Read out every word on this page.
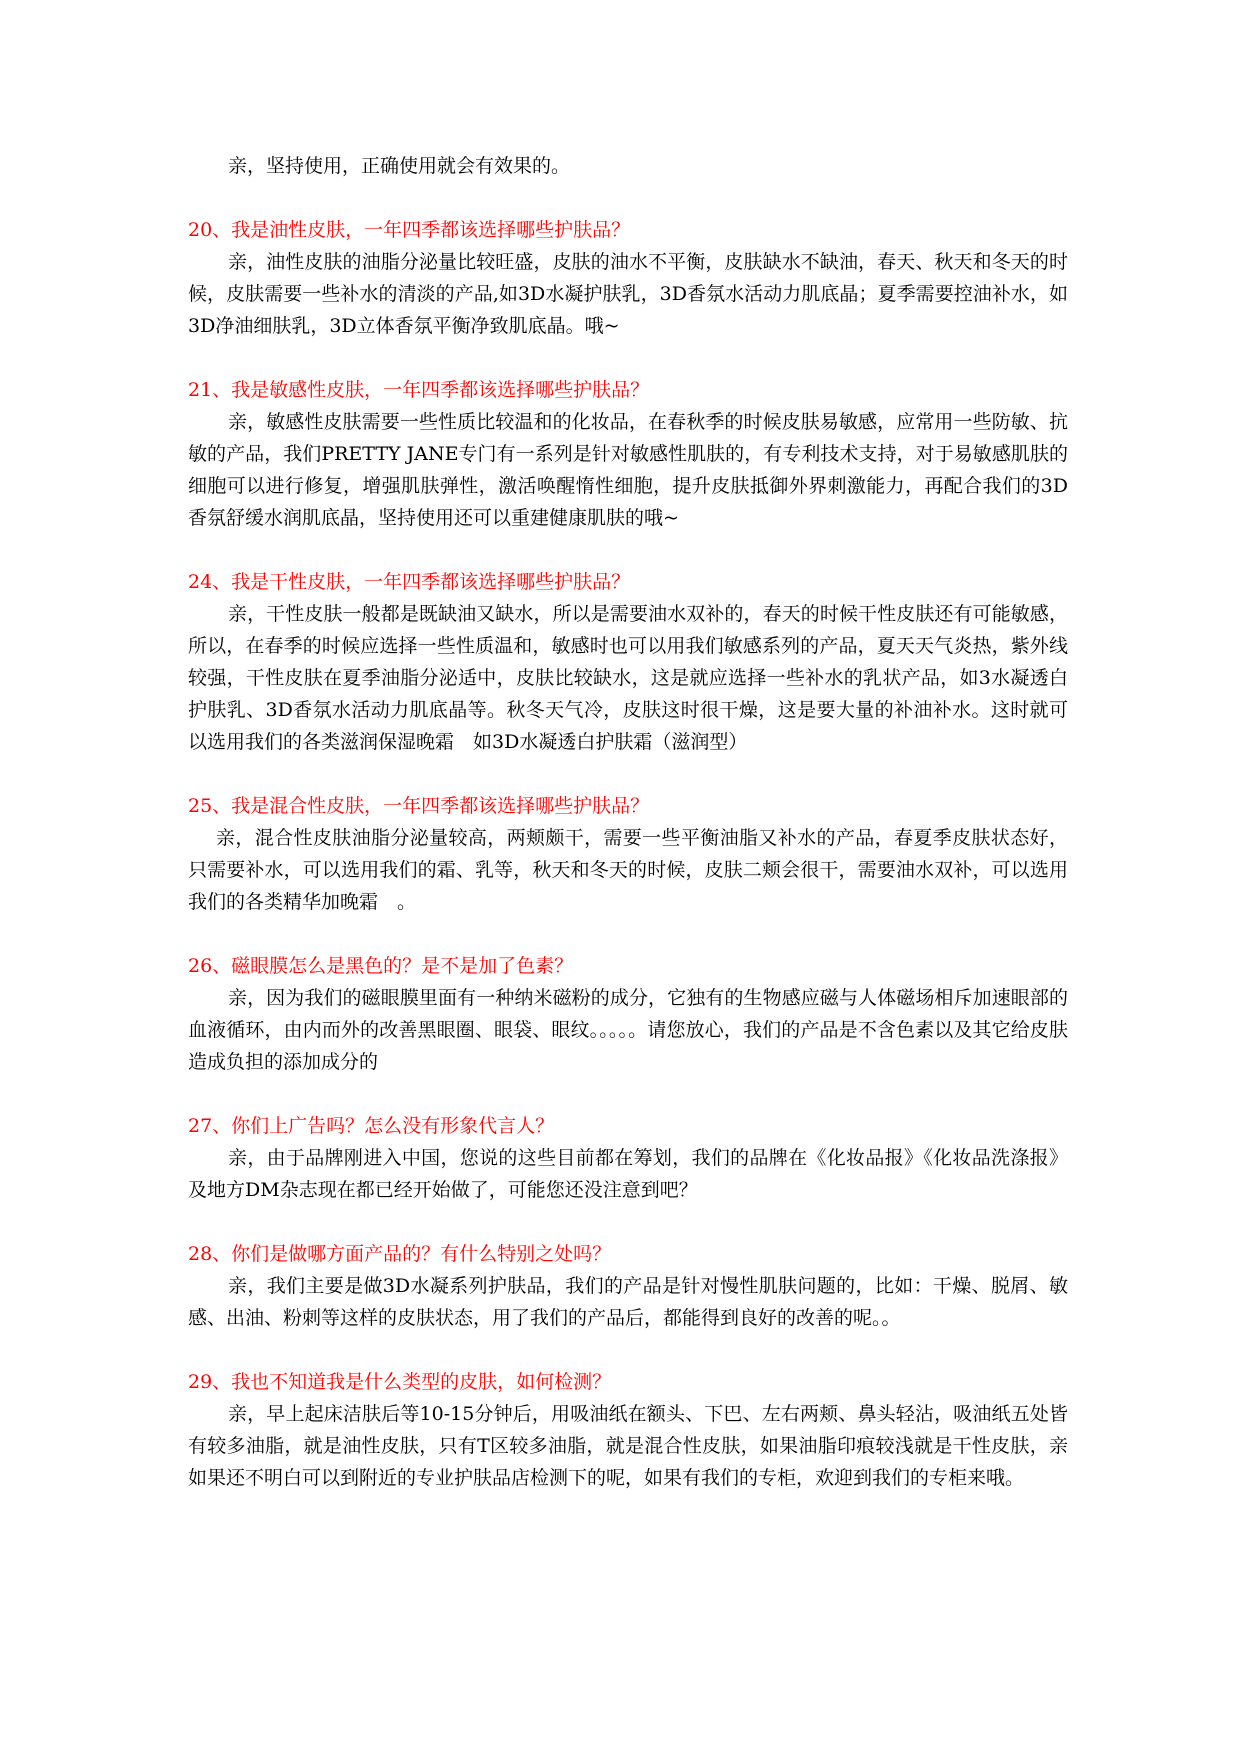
亲，坚持使用，正确使用就会有效果的。

20、我是油性皮肤，一年四季都该选择哪些护肤品？

亲，油性皮肤的油脂分泌量比较旺盛，皮肤的油水不平衡，皮肤缺水不缺油，春天、秋天和冬天的时候，皮肤需要一些补水的清淡的产品,如3D水凝护肤乳，3D香氛水活动力肌底晶；夏季需要控油补水，如3D净油细肤乳，3D立体香氛平衡净致肌底晶。哦~

21、我是敏感性皮肤，一年四季都该选择哪些护肤品？

亲，敏感性皮肤需要一些性质比较温和的化妆品，在春秋季的时候皮肤易敏感，应常用一些防敏、抗敏的产品，我们PRETTY JANE专门有一系列是针对敏感性肌肤的，有专利技术支持，对于易敏感肌肤的细胞可以进行修复，增强肌肤弹性，激活唤醒惰性细胞，提升皮肤抵御外界刺激能力，再配合我们的3D香氛舒缓水润肌底晶，坚持使用还可以重建健康肌肤的哦~

24、我是干性皮肤，一年四季都该选择哪些护肤品？

亲，干性皮肤一般都是既缺油又缺水，所以是需要油水双补的，春天的时候干性皮肤还有可能敏感，所以，在春季的时候应选择一些性质温和，敏感时也可以用我们敏感系列的产品，夏天天气炎热，紫外线较强，干性皮肤在夏季油脂分泌适中，皮肤比较缺水，这是就应选择一些补水的乳状产品，如3水凝透白护肤乳、3D香氛水活动力肌底晶等。秋冬天气冷，皮肤这时很干燥，这是要大量的补油补水。这时就可以选用我们的各类滋润保湿晚霜　如3D水凝透白护肤霜（滋润型）

25、我是混合性皮肤，一年四季都该选择哪些护肤品？

亲，混合性皮肤油脂分泌量较高，两颊颇干，需要一些平衡油脂又补水的产品，春夏季皮肤状态好，只需要补水，可以选用我们的霜、乳等，秋天和冬天的时候，皮肤二颊会很干，需要油水双补，可以选用我们的各类精华加晚霜　。

26、磁眼膜怎么是黑色的？是不是加了色素？

亲，因为我们的磁眼膜里面有一种纳米磁粉的成分，它独有的生物感应磁与人体磁场相斥加速眼部的血液循环，由内而外的改善黑眼圈、眼袋、眼纹。。。。。请您放心，我们的产品是不含色素以及其它给皮肤造成负担的添加成分的

27、你们上广告吗？怎么没有形象代言人？

亲，由于品牌刚进入中国，您说的这些目前都在筹划，我们的品牌在《化妆品报》《化妆品洗涤报》及地方DM杂志现在都已经开始做了，可能您还没注意到吧？

28、你们是做哪方面产品的？有什么特别之处吗？

亲，我们主要是做3D水凝系列护肤品，我们的产品是针对慢性肌肤问题的，比如：干燥、脱屑、敏感、出油、粉刺等这样的皮肤状态，用了我们的产品后，都能得到良好的改善的呢。。

29、我也不知道我是什么类型的皮肤，如何检测？

亲，早上起床洁肤后等10-15分钟后，用吸油纸在额头、下巴、左右两颊、鼻头轻沾，吸油纸五处皆有较多油脂，就是油性皮肤，只有T区较多油脂，就是混合性皮肤，如果油脂印痕较浅就是干性皮肤，亲如果还不明白可以到附近的专业护肤品店检测下的呢，如果有我们的专柜，欢迎到我们的专柜来哦。
